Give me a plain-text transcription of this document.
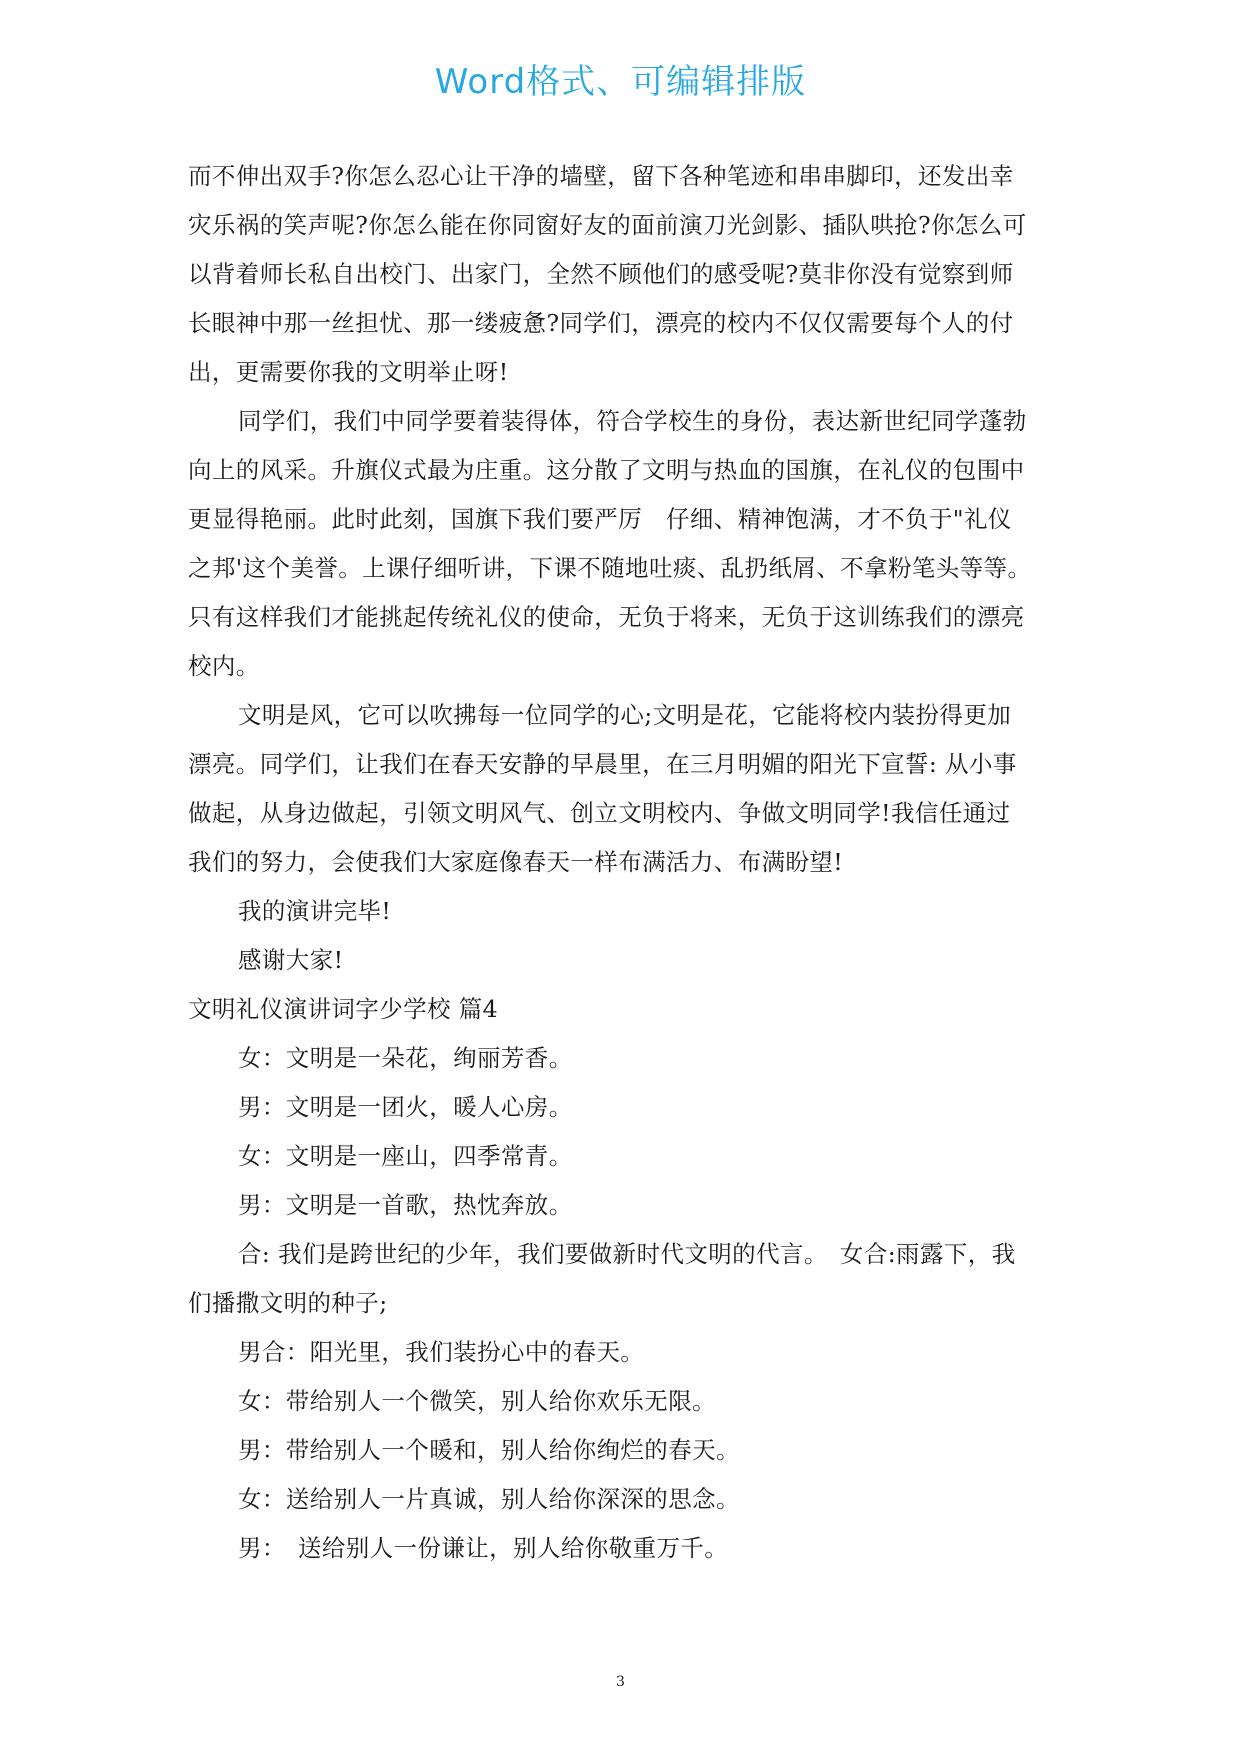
Word格式、可编辑排版
而不伸出双手?你怎么忍心让干净的墙壁，留下各种笔迹和串串脚印，还发出幸
灾乐祸的笑声呢?你怎么能在你同窗好友的面前演刀光剑影、插队哄抢?你怎么可
以背着师长私自出校门、出家门，全然不顾他们的感受呢?莫非你没有觉察到师
长眼神中那一丝担忧、那一缕疲惫?同学们，漂亮的校内不仅仅需要每个人的付
出，更需要你我的文明举止呀!
同学们，我们中同学要着装得体，符合学校生的身份，表达新世纪同学蓬勃
向上的风采。升旗仪式最为庄重。这分散了文明与热血的国旗，在礼仪的包围中
更显得艳丽。此时此刻，国旗下我们要严厉　仔细、精神饱满，才不负于"礼仪
之邦'这个美誉。上课仔细听讲，下课不随地吐痰、乱扔纸屑、不拿粉笔头等等。
只有这样我们才能挑起传统礼仪的使命，无负于将来，无负于这训练我们的漂亮
校内。
文明是风，它可以吹拂每一位同学的心;文明是花，它能将校内装扮得更加
漂亮。同学们，让我们在春天安静的早晨里，在三月明媚的阳光下宣誓: 从小事
做起，从身边做起，引领文明风气、创立文明校内、争做文明同学!我信任通过
我们的努力，会使我们大家庭像春天一样布满活力、布满盼望!
我的演讲完毕!
感谢大家!
文明礼仪演讲词字少学校 篇4
女：文明是一朵花，绚丽芳香。
男：文明是一团火，暖人心房。
女：文明是一座山，四季常青。
男：文明是一首歌，热忱奔放。
合: 我们是跨世纪的少年，我们要做新时代文明的代言。　女合:雨露下，我
们播撒文明的种子;
男合：阳光里，我们装扮心中的春天。
女：带给别人一个微笑，别人给你欢乐无限。
男：带给别人一个暖和，别人给你绚烂的春天。
女：送给别人一片真诚，别人给你深深的思念。
男：　送给别人一份谦让，别人给你敬重万千。
3
